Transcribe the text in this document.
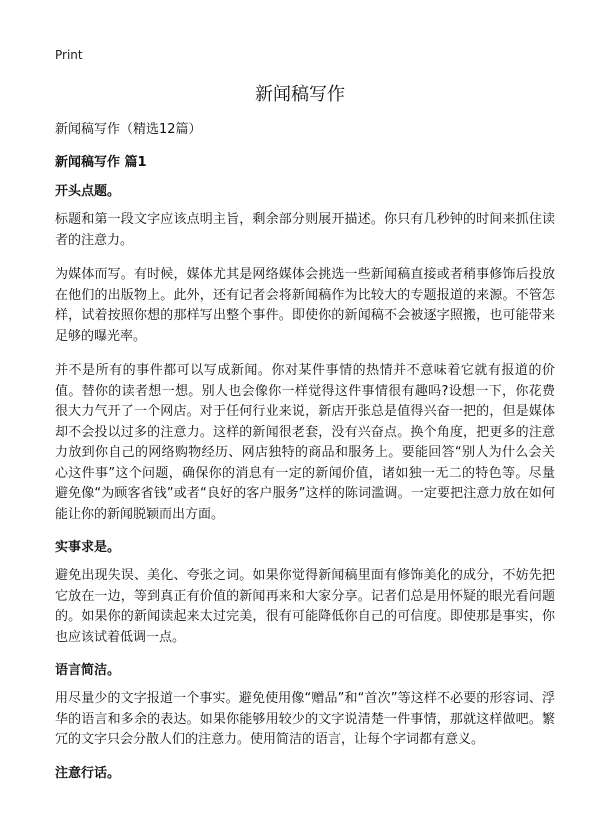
Print
新闻稿写作
新闻稿写作（精选12篇）
新闻稿写作 篇1
开头点题。

标题和第一段文字应该点明主旨，剩余部分则展开描述。你只有几秒钟的时间来抓住读者的注意力。

为媒体而写。有时候，媒体尤其是网络媒体会挑选一些新闻稿直接或者稍事修饰后投放在他们的出版物上。此外，还有记者会将新闻稿作为比较大的专题报道的来源。不管怎样，试着按照你想的那样写出整个事件。即使你的新闻稿不会被逐字照搬，也可能带来足够的曝光率。

并不是所有的事件都可以写成新闻。你对某件事情的热情并不意味着它就有报道的价值。替你的读者想一想。别人也会像你一样觉得这件事情很有趣吗?设想一下，你花费很大力气开了一个网店。对于任何行业来说，新店开张总是值得兴奋一把的，但是媒体却不会投以过多的注意力。这样的新闻很老套，没有兴奋点。换个角度，把更多的注意力放到你自己的网络购物经历、网店独特的商品和服务上。要能回答“别人为什么会关心这件事”这个问题，确保你的消息有一定的新闻价值，诸如独一无二的特色等。尽量避免像“为顾客省钱”或者“良好的客户服务”这样的陈词滥调。一定要把注意力放在如何能让你的新闻脱颖而出方面。

实事求是。

避免出现失误、美化、夸张之词。如果你觉得新闻稿里面有修饰美化的成分，不妨先把它放在一边，等到真正有价值的新闻再来和大家分享。记者们总是用怀疑的眼光看问题的。如果你的新闻读起来太过完美，很有可能降低你自己的可信度。即使那是事实，你也应该试着低调一点。

语言简洁。

用尽量少的文字报道一个事实。避免使用像“赠品”和“首次”等这样不必要的形容词、浮华的语言和多余的表达。如果你能够用较少的文字说清楚一件事情，那就这样做吧。繁冗的文字只会分散人们的注意力。使用简洁的语言，让每个字词都有意义。

注意行话。
